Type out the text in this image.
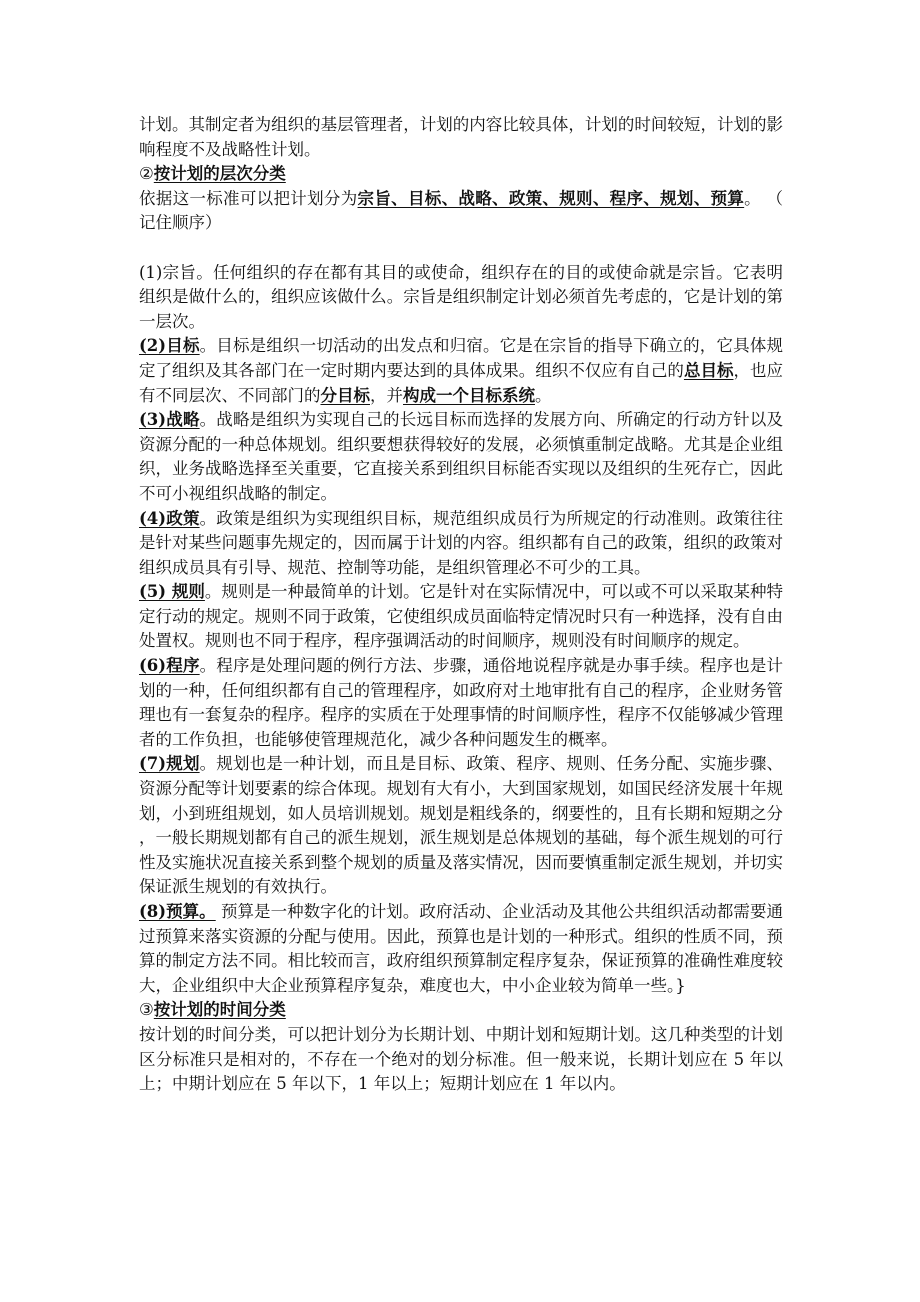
计划。其制定者为组织的基层管理者，计划的内容比较具体，计划的时间较短，计划的影响程度不及战略性计划。

②按计划的层次分类

依据这一标准可以把计划分为宗旨、目标、战略、政策、规则、程序、规划、预算。 （记住顺序）

(1)宗旨。任何组织的存在都有其目的或使命，组织存在的目的或使命就是宗旨。它表明组织是做什么的，组织应该做什么。宗旨是组织制定计划必须首先考虑的，它是计划的第一层次。

(2)目标。目标是组织一切活动的出发点和归宿。它是在宗旨的指导下确立的，它具体规定了组织及其各部门在一定时期内要达到的具体成果。组织不仅应有自己的总目标，也应有不同层次、不同部门的分目标，并构成一个目标系统。

(3)战略。战略是组织为实现自己的长远目标而选择的发展方向、所确定的行动方针以及资源分配的一种总体规划。组织要想获得较好的发展，必须慎重制定战略。尤其是企业组织，业务战略选择至关重要，它直接关系到组织目标能否实现以及组织的生死存亡，因此不可小视组织战略的制定。

(4)政策。政策是组织为实现组织目标，规范组织成员行为所规定的行动准则。政策往往是针对某些问题事先规定的，因而属于计划的内容。组织都有自己的政策，组织的政策对组织成员具有引导、规范、控制等功能，是组织管理必不可少的工具。

(5) 规则。规则是一种最简单的计划。它是针对在实际情况中，可以或不可以采取某种特定行动的规定。规则不同于政策，它使组织成员面临特定情况时只有一种选择，没有自由处置权。规则也不同于程序，程序强调活动的时间顺序，规则没有时间顺序的规定。

(6)程序。程序是处理问题的例行方法、步骤，通俗地说程序就是办事手续。程序也是计划的一种，任何组织都有自己的管理程序，如政府对土地审批有自己的程序，企业财务管理也有一套复杂的程序。程序的实质在于处理事情的时间顺序性，程序不仅能够减少管理者的工作负担，也能够使管理规范化，减少各种问题发生的概率。

(7)规划。规划也是一种计划，而且是目标、政策、程序、规则、任务分配、实施步骤、资源分配等计划要素的综合体现。规划有大有小，大到国家规划，如国民经济发展十年规划，小到班组规划，如人员培训规划。规划是粗线条的，纲要性的，且有长期和短期之分，一般长期规划都有自己的派生规划，派生规划是总体规划的基础，每个派生规划的可行性及实施状况直接关系到整个规划的质量及落实情况，因而要慎重制定派生规划，并切实保证派生规划的有效执行。

(8)预算。 预算是一种数字化的计划。政府活动、企业活动及其他公共组织活动都需要通过预算来落实资源的分配与使用。因此，预算也是计划的一种形式。组织的性质不同，预算的制定方法不同。相比较而言，政府组织预算制定程序复杂，保证预算的准确性难度较大，企业组织中大企业预算程序复杂，难度也大，中小企业较为简单一些。}

③按计划的时间分类

按计划的时间分类，可以把计划分为长期计划、中期计划和短期计划。这几种类型的计划区分标准只是相对的，不存在一个绝对的划分标准。但一般来说，长期计划应在 5 年以上；中期计划应在 5 年以下，1 年以上；短期计划应在 1 年以内。
